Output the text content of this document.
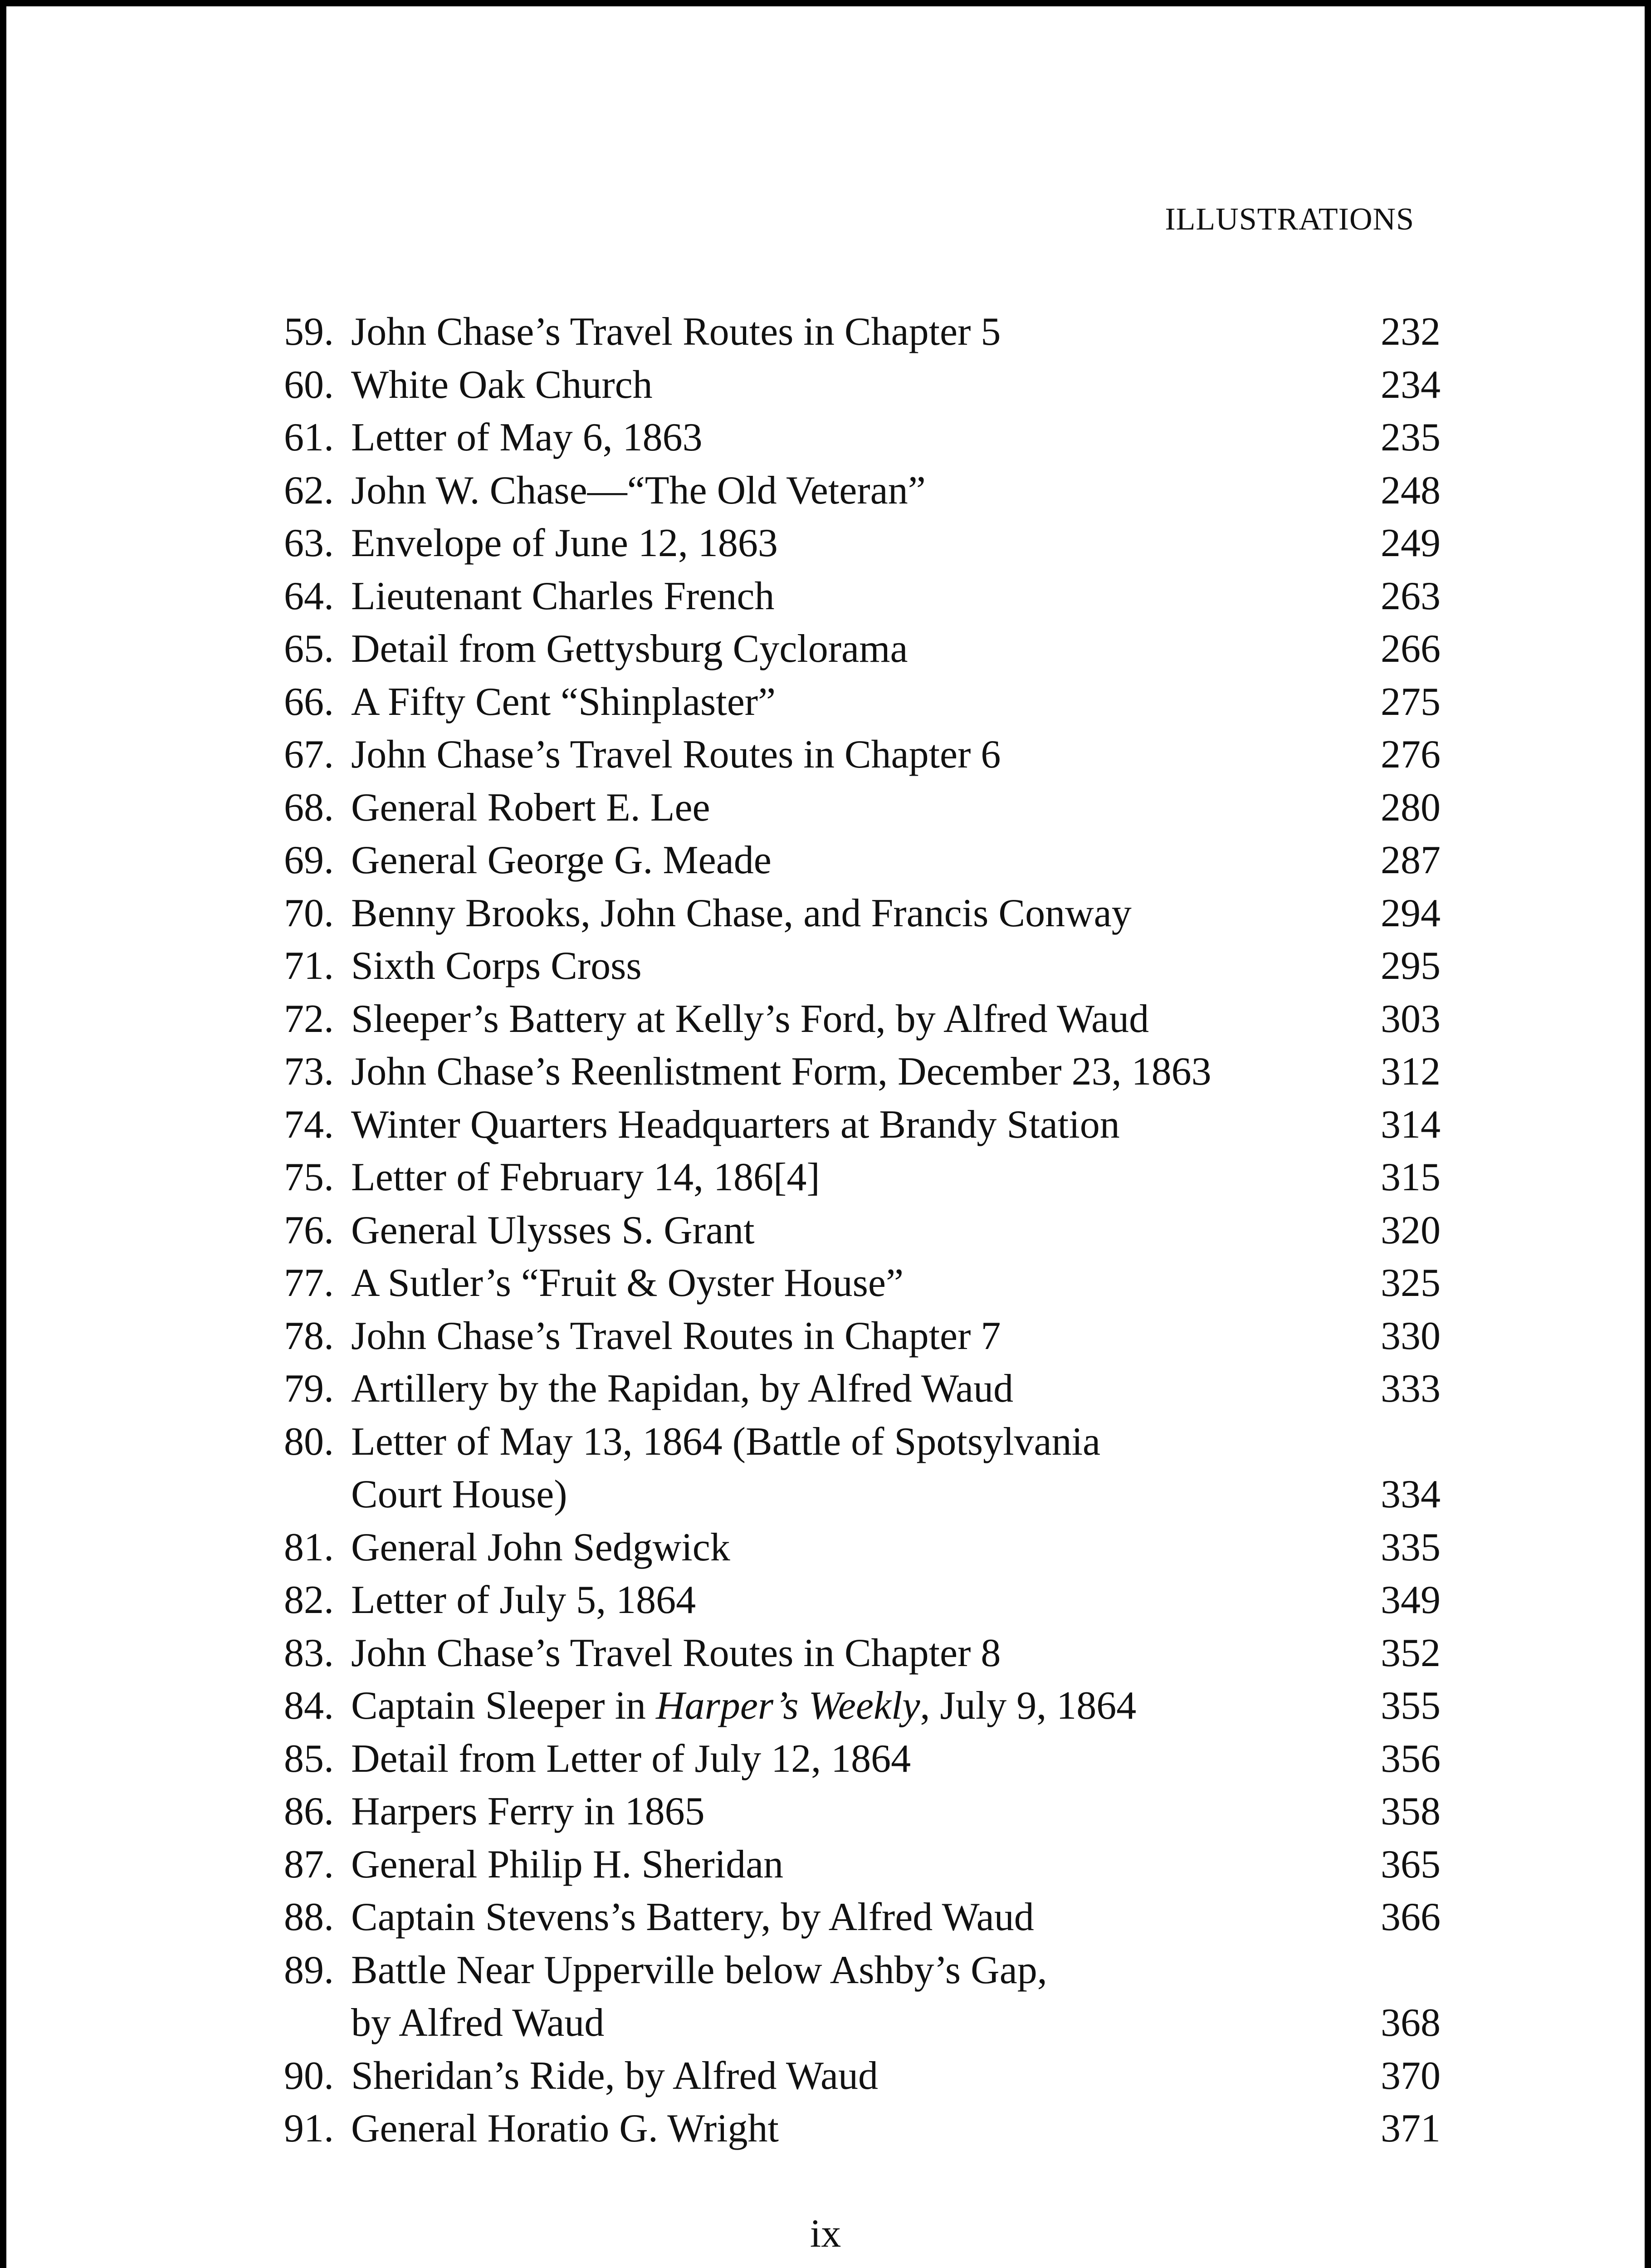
ILLUSTRATIONS
59. John Chase’s Travel Routes in Chapter 5	232
60. White Oak Church	234
61. Letter of May 6, 1863	235
62. John W. Chase—“The Old Veteran”	248
63. Envelope of June 12, 1863	249
64. Lieutenant Charles French	263
65. Detail from Gettysburg Cyclorama	266
66. A Fifty Cent “Shinplaster”	275
67. John Chase’s Travel Routes in Chapter 6	276
68. General Robert E. Lee	280
69. General George G. Meade	287
70. Benny Brooks, John Chase, and Francis Conway	294
71. Sixth Corps Cross	295
72. Sleeper’s Battery at Kelly’s Ford, by Alfred Waud	303
73. John Chase’s Reenlistment Form, December 23, 1863	312
74. Winter Quarters Headquarters at Brandy Station	314
75. Letter of February 14, 186[4]	315
76. General Ulysses S. Grant	320
77. A Sutler’s “Fruit & Oyster House”	325
78. John Chase’s Travel Routes in Chapter 7	330
79. Artillery by the Rapidan, by Alfred Waud	333
80. Letter of May 13, 1864 (Battle of Spotsylvania
Court House)	334
81. General John Sedgwick	335
82. Letter of July 5, 1864	349
83. John Chase’s Travel Routes in Chapter 8	352
84. Captain Sleeper in Harper’s Weekly, July 9, 1864	355
85. Detail from Letter of July 12, 1864	356
86. Harpers Ferry in 1865	358
87. General Philip H. Sheridan	365
88. Captain Stevens’s Battery, by Alfred Waud	366
89. Battle Near Upperville below Ashby’s Gap,
by Alfred Waud	368
90. Sheridan’s Ride, by Alfred Waud	370
91. General Horatio G. Wright	371
ix
